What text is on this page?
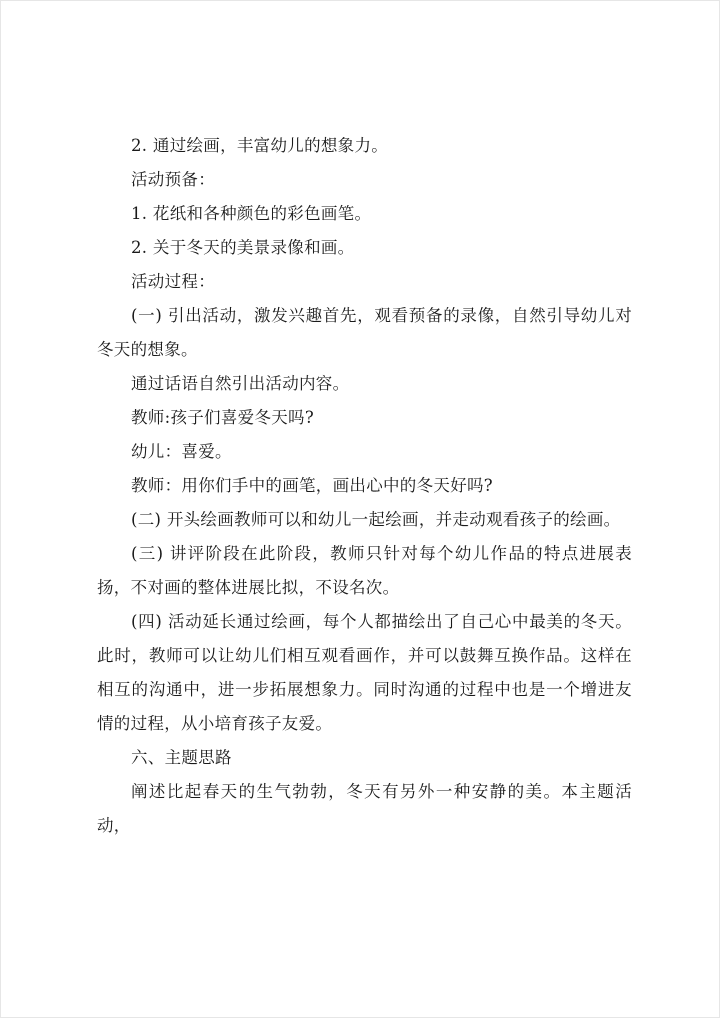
2. 通过绘画，丰富幼儿的想象力。

活动预备：

1. 花纸和各种颜色的彩色画笔。

2. 关于冬天的美景录像和画。

活动过程：

(一) 引出活动，激发兴趣首先，观看预备的录像，自然引导幼儿对冬天的想象。

通过话语自然引出活动内容。

教师:孩子们喜爱冬天吗?

幼儿：喜爱。

教师：用你们手中的画笔，画出心中的冬天好吗?

(二) 开头绘画教师可以和幼儿一起绘画，并走动观看孩子的绘画。

(三) 讲评阶段在此阶段，教师只针对每个幼儿作品的特点进展表扬，不对画的整体进展比拟，不设名次。

(四) 活动延长通过绘画，每个人都描绘出了自己心中最美的冬天。此时，教师可以让幼儿们相互观看画作，并可以鼓舞互换作品。这样在相互的沟通中，进一步拓展想象力。同时沟通的过程中也是一个增进友情的过程，从小培育孩子友爱。

六、主题思路

阐述比起春天的生气勃勃，冬天有另外一种安静的美。本主题活动，
